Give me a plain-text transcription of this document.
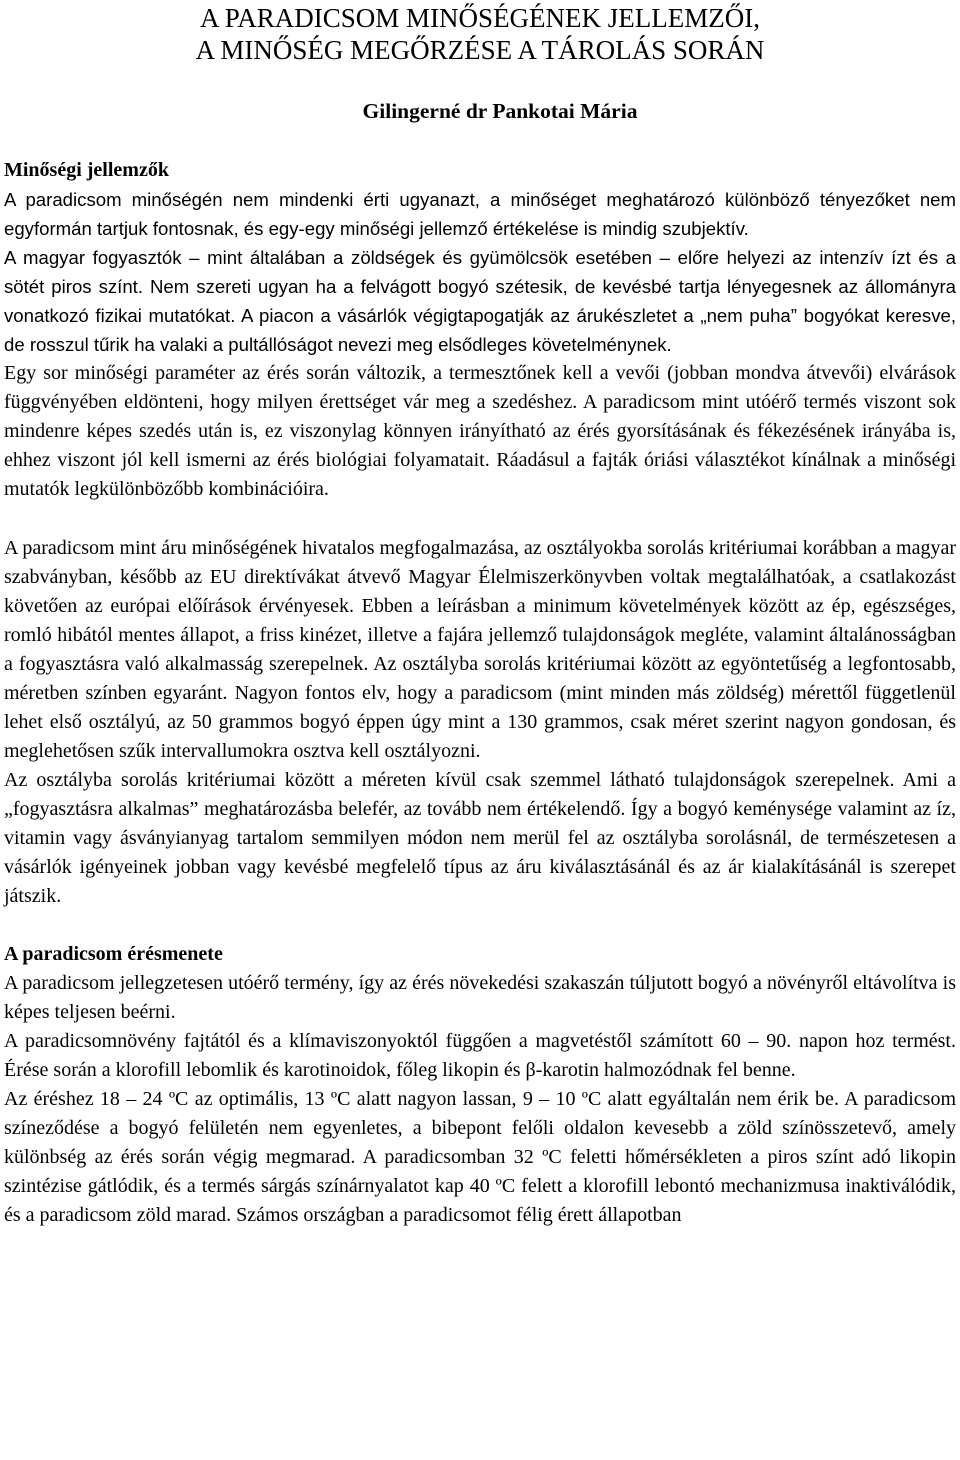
A PARADICSOM MINŐSÉGÉNEK JELLEMZŐI,
A MINŐSÉG MEGŐRZÉSE A TÁROLÁS SORÁN
Gilingerné dr Pankotai Mária
Minőségi jellemzők

A paradicsom minőségén nem mindenki érti ugyanazt, a minőséget meghatározó különböző tényezőket nem egyformán tartjuk fontosnak, és egy-egy minőségi jellemző értékelése is mindig szubjektív.

A magyar fogyasztók – mint általában a zöldségek és gyümölcsök esetében – előre helyezi az intenzív ízt és a sötét piros színt. Nem szereti ugyan ha a felvágott bogyó szétesik, de kevésbé tartja lényegesnek az állományra vonatkozó fizikai mutatókat. A piacon a vásárlók végigtapogatják az árukészletet a „nem puha” bogyókat keresve, de rosszul tűrik ha valaki a pultállóságot nevezi meg elsődleges követelménynek.

Egy sor minőségi paraméter az érés során változik, a termesztőnek kell a vevői (jobban mondva átvevői) elvárások függvényében eldönteni, hogy milyen érettséget vár meg a szedéshez. A paradicsom mint utóérő termés viszont sok mindenre képes szedés után is, ez viszonylag könnyen irányítható az érés gyorsításának és fékezésének irányába is, ehhez viszont jól kell ismerni az érés biológiai folyamatait. Ráadásul a fajták óriási választékot kínálnak a minőségi mutatók legkülönbözőbb kombinációira.

A paradicsom mint áru minőségének hivatalos megfogalmazása, az osztályokba sorolás kritériumai korábban a magyar szabványban, később az EU direktívákat átvevő Magyar Élelmiszerkönyvben voltak megtalálhatóak, a csatlakozást követően az európai előírások érvényesek. Ebben a leírásban a minimum követelmények között az ép, egészséges, romló hibától mentes állapot, a friss kinézet, illetve a fajára jellemző tulajdonságok megléte, valamint általánosságban a fogyasztásra való alkalmasság szerepelnek. Az osztályba sorolás kritériumai között az egyöntetűség a legfontosabb, méretben színben egyaránt. Nagyon fontos elv, hogy a paradicsom (mint minden más zöldség) mérettől függetlenül lehet első osztályú, az 50 grammos bogyó éppen úgy mint a 130 grammos, csak méret szerint nagyon gondosan, és meglehetősen szűk intervallumokra osztva kell osztályozni.

Az osztályba sorolás kritériumai között a méreten kívül csak szemmel látható tulajdonságok szerepelnek. Ami a „fogyasztásra alkalmas” meghatározásba belefér, az tovább nem értékelendő. Így a bogyó keménysége valamint az íz, vitamin vagy ásványianyag tartalom semmilyen módon nem merül fel az osztályba sorolásnál, de természetesen a vásárlók igényeinek jobban vagy kevésbé megfelelő típus az áru kiválasztásánál és az ár kialakításánál is szerepet játszik.

A paradicsom érésmenete

A paradicsom jellegzetesen utóérő termény, így az érés növekedési szakaszán túljutott bogyó a növényről eltávolítva is képes teljesen beérni.

A paradicsomnövény fajtától és a klímaviszonyoktól függően a magvetéstől számított 60 – 90. napon hoz termést. Érése során a klorofill lebomlik és karotinoidok, főleg likopin és β-karotin halmozódnak fel benne.

Az éréshez 18 – 24 ºC az optimális, 13 ºC alatt nagyon lassan, 9 – 10 ºC alatt egyáltalán nem érik be. A paradicsom színeződése a bogyó felületén nem egyenletes, a bibepont felőli oldalon kevesebb a zöld színösszetevő, amely különbség az érés során végig megmarad. A paradicsomban 32 ºC feletti hőmérsékleten a piros színt adó likopin szintézise gátlódik, és a termés sárgás színárnyalatot kap 40 ºC felett a klorofill lebontó mechanizmusa inaktiválódik, és a paradicsom zöld marad. Számos országban a paradicsomot félig érett állapotban
